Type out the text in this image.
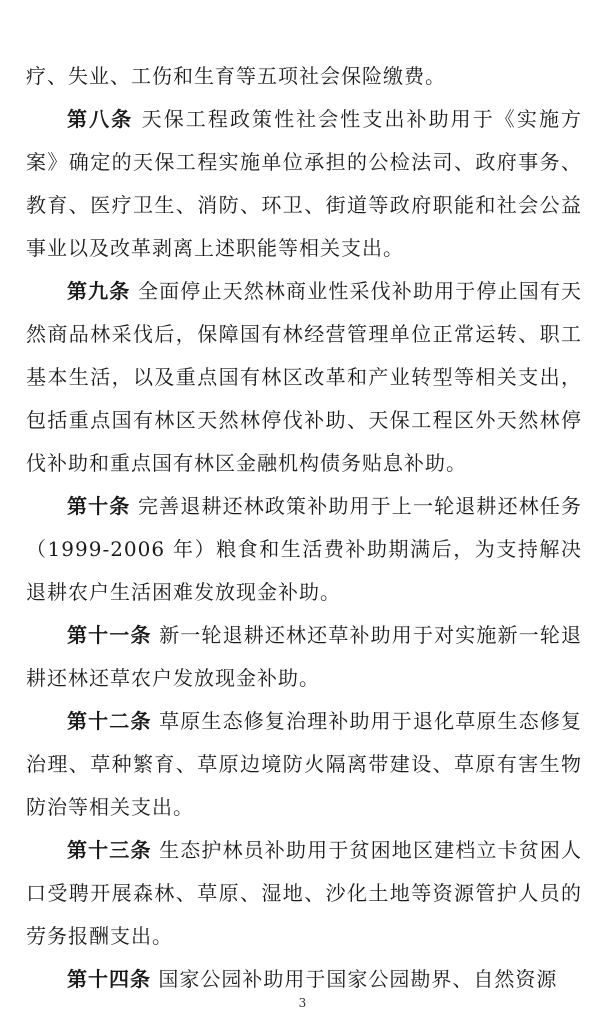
疗、失业、工伤和生育等五项社会保险缴费。

第八条 天保工程政策性社会性支出补助用于《实施方案》确定的天保工程实施单位承担的公检法司、政府事务、教育、医疗卫生、消防、环卫、街道等政府职能和社会公益事业以及改革剥离上述职能等相关支出。

第九条 全面停止天然林商业性采伐补助用于停止国有天然商品林采伐后，保障国有林经营管理单位正常运转、职工基本生活，以及重点国有林区改革和产业转型等相关支出，包括重点国有林区天然林停伐补助、天保工程区外天然林停伐补助和重点国有林区金融机构债务贴息补助。

第十条 完善退耕还林政策补助用于上一轮退耕还林任务（1999-2006 年）粮食和生活费补助期满后，为支持解决退耕农户生活困难发放现金补助。

第十一条 新一轮退耕还林还草补助用于对实施新一轮退耕还林还草农户发放现金补助。

第十二条 草原生态修复治理补助用于退化草原生态修复治理、草种繁育、草原边境防火隔离带建设、草原有害生物防治等相关支出。

第十三条 生态护林员补助用于贫困地区建档立卡贫困人口受聘开展森林、草原、湿地、沙化土地等资源管护人员的劳务报酬支出。

第十四条 国家公园补助用于国家公园勘界、自然资源

3
